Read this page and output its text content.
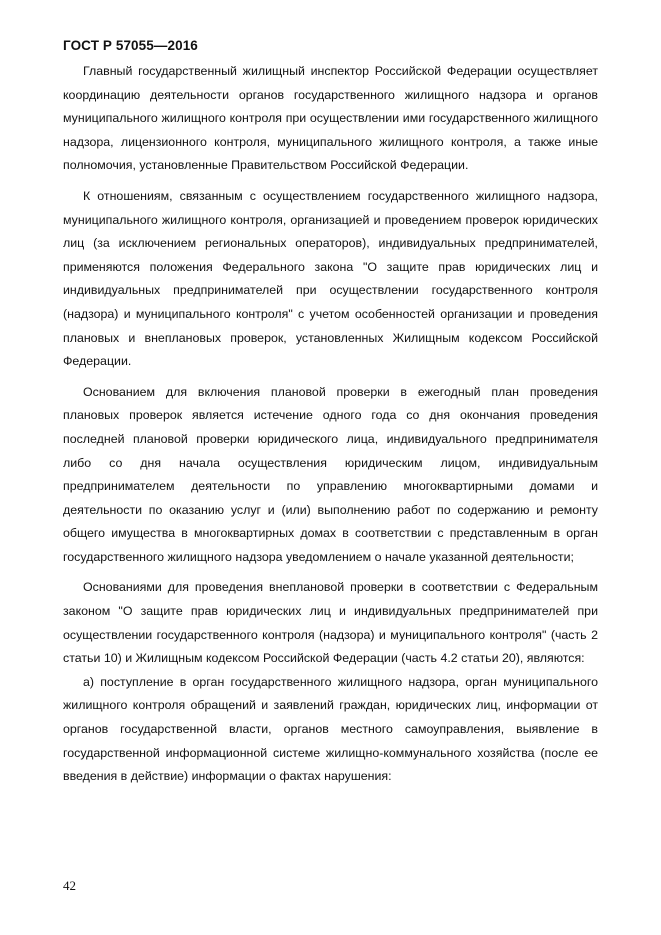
ГОСТ Р 57055—2016

Главный государственный жилищный инспектор Российской Федерации осуществляет координацию деятельности органов государственного жилищного надзора и органов муниципального жилищного контроля при осуществлении ими государственного жилищного надзора, лицензионного контроля, муниципального жилищного контроля, а также иные полномочия, установленные Правительством Российской Федерации.

К отношениям, связанным с осуществлением государственного жилищного надзора, муниципального жилищного контроля, организацией и проведением проверок юридических лиц (за исключением региональных операторов), индивидуальных предпринимателей, применяются положения Федерального закона "О защите прав юридических лиц и индивидуальных предпринимателей при осуществлении государственного контроля (надзора) и муниципального контроля" с учетом особенностей организации и проведения плановых и внеплановых проверок, установленных Жилищным кодексом Российской Федерации.

Основанием для включения плановой проверки в ежегодный план проведения плановых проверок является истечение одного года со дня окончания проведения последней плановой проверки юридического лица, индивидуального предпринимателя либо со дня начала осуществления юридическим лицом, индивидуальным предпринимателем деятельности по управлению многоквартирными домами и деятельности по оказанию услуг и (или) выполнению работ по содержанию и ремонту общего имущества в многоквартирных домах в соответствии с представленным в орган государственного жилищного надзора уведомлением о начале указанной деятельности;

Основаниями для проведения внеплановой проверки в соответствии с Федеральным законом "О защите прав юридических лиц и индивидуальных предпринимателей при осуществлении государственного контроля (надзора) и муниципального контроля" (часть 2 статьи 10) и Жилищным кодексом Российской Федерации (часть 4.2 статьи 20), являются:

а) поступление в орган государственного жилищного надзора, орган муниципального жилищного контроля обращений и заявлений граждан, юридических лиц, информации от органов государственной власти, органов местного самоуправления, выявление в государственной информационной системе жилищно-коммунального хозяйства (после ее введения в действие) информации о фактах нарушения:

42
